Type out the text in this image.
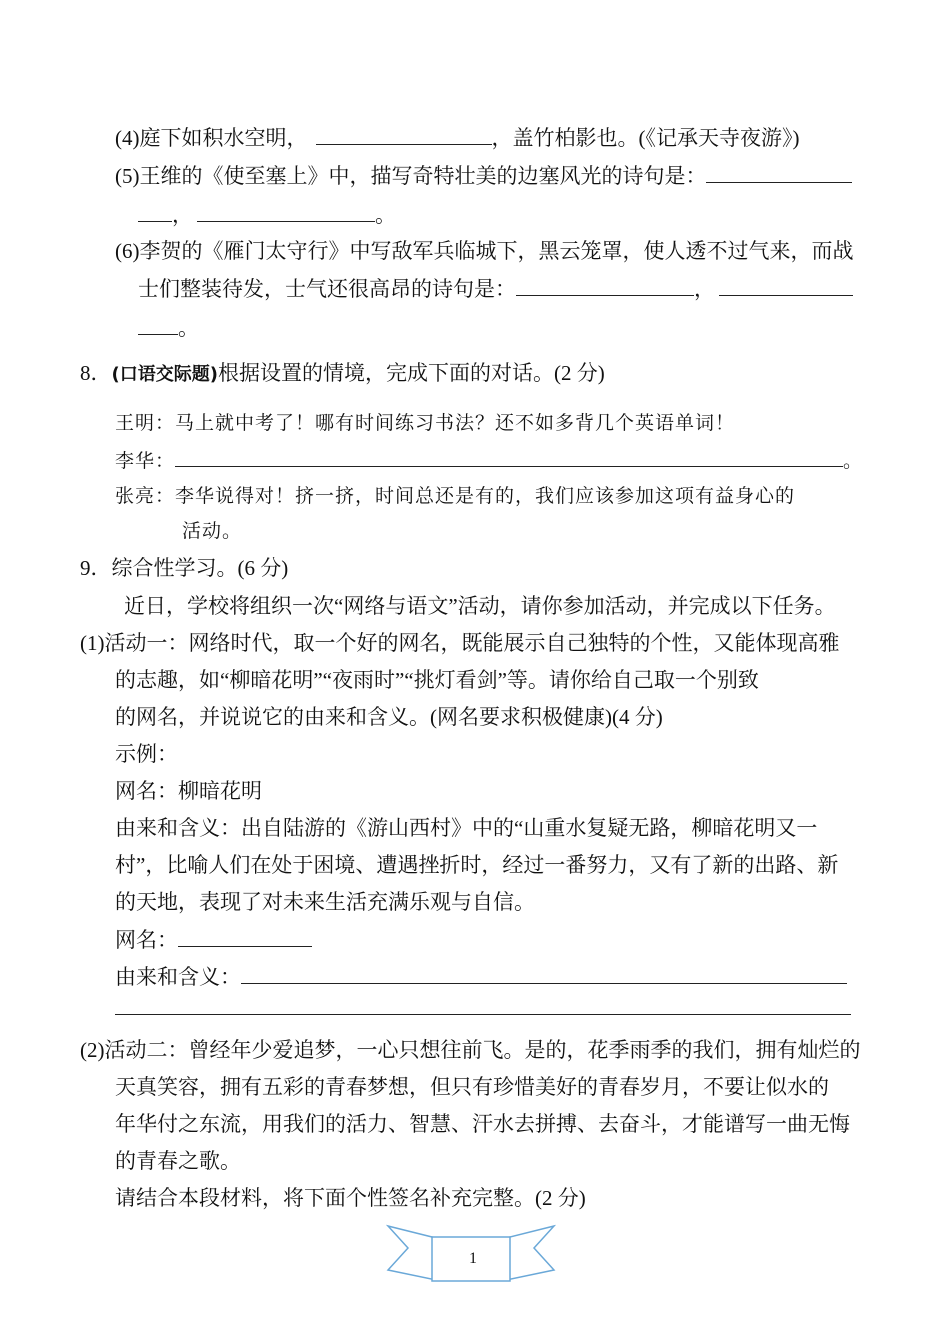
(4)庭下如积水空明，	，盖竹柏影也。(《记承天寺夜游》)
(5)王维的《使至塞上》中，描写奇特壮美的边塞风光的诗句是：
，	。
(6)李贺的《雁门太守行》中写敌军兵临城下，黑云笼罩，使人透不过气来，而战
士们整装待发，士气还很高昂的诗句是：	，
。
8．(口语交际题)根据设置的情境，完成下面的对话。(2 分)
王明：马上就中考了！哪有时间练习书法？还不如多背几个英语单词！
李华：	。
张亮：李华说得对！挤一挤，时间总还是有的，我们应该参加这项有益身心的
活动。
9．综合性学习。(6 分)
近日，学校将组织一次“网络与语文”活动，请你参加活动，并完成以下任务。
(1)活动一：网络时代，取一个好的网名，既能展示自己独特的个性，又能体现高雅
的志趣，如“柳暗花明”“夜雨时”“挑灯看剑”等。请你给自己取一个别致
的网名，并说说它的由来和含义。(网名要求积极健康)(4 分)
示例：
网名：柳暗花明
由来和含义：出自陆游的《游山西村》中的“山重水复疑无路，柳暗花明又一
村”，比喻人们在处于困境、遭遇挫折时，经过一番努力，又有了新的出路、新
的天地，表现了对未来生活充满乐观与自信。
网名：
由来和含义：
(2)活动二：曾经年少爱追梦，一心只想往前飞。是的，花季雨季的我们，拥有灿烂的
天真笑容，拥有五彩的青春梦想，但只有珍惜美好的青春岁月，不要让似水的
年华付之东流，用我们的活力、智慧、汗水去拼搏、去奋斗，才能谱写一曲无悔
的青春之歌。
请结合本段材料，将下面个性签名补充完整。(2 分)
1
